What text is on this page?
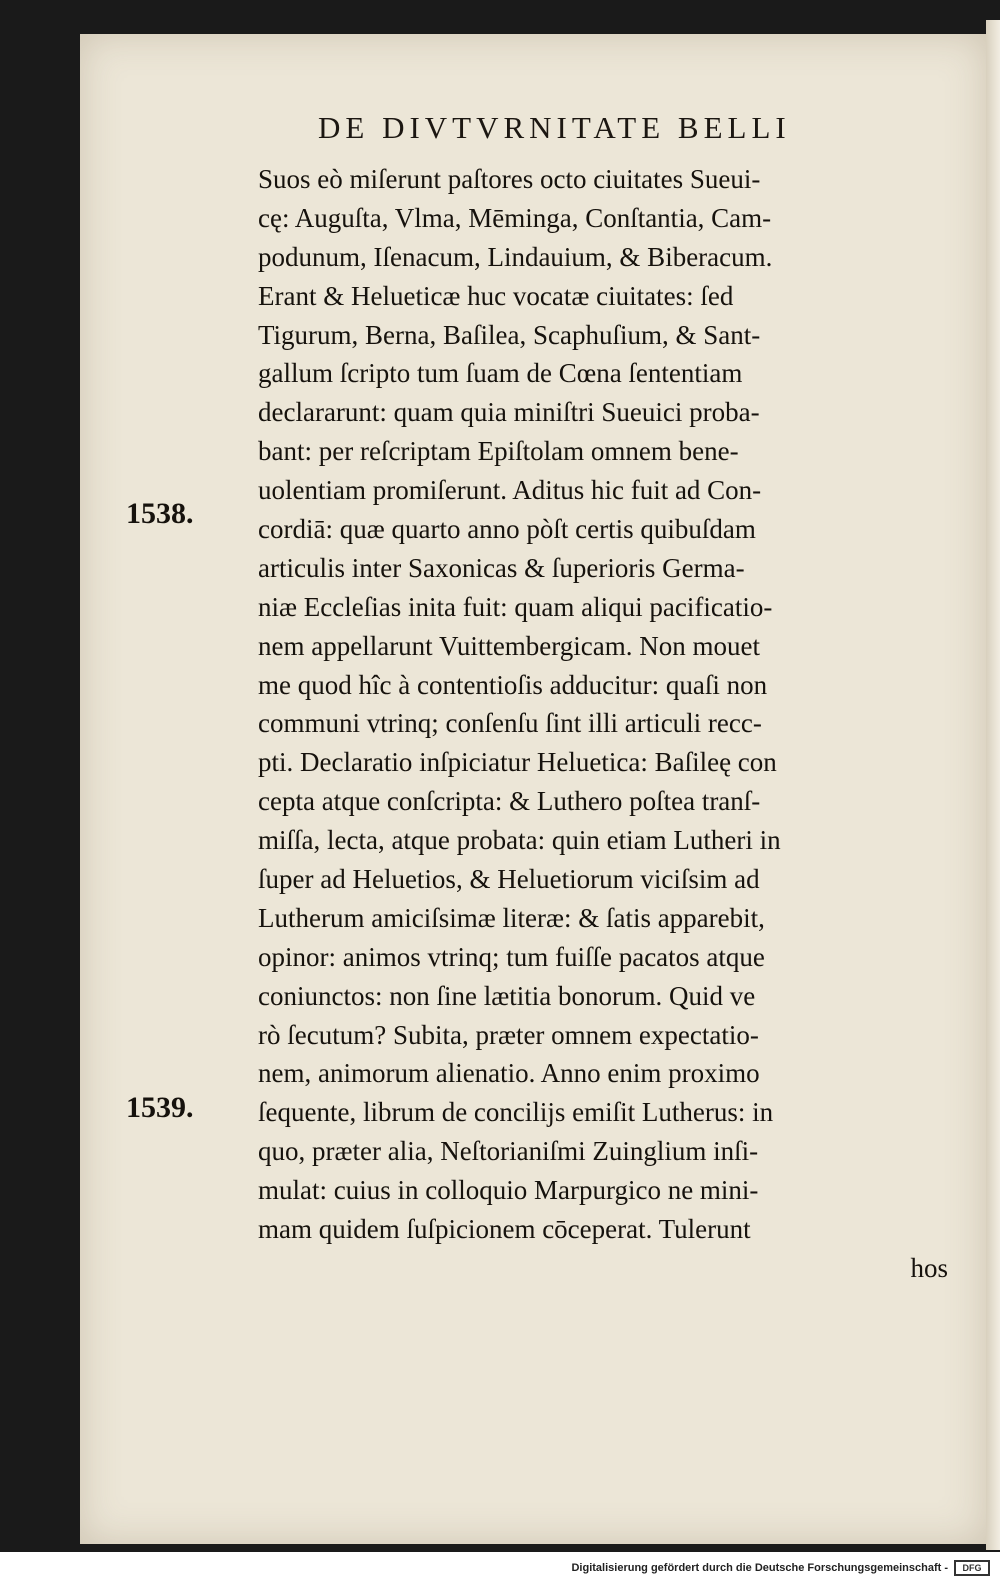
DE DIVTVRNITATE BELLI
Suos eò miſerunt paſtores octo ciuitates Sueui-
cę: Auguſta, Vlma, Mēminga, Conſtantia, Cam-
podunum, Iſenacum, Lindauium, & Biberacum.
Erant & Helueticæ huc vocatæ ciuitates: ſed
Tigurum, Berna, Baſilea, Scaphuſium, & Sant-
gallum ſcripto tum ſuam de Cœna ſententiam
declararunt: quam quia miniſtri Sueuici proba-
bant: per reſcriptam Epiſtolam omnem bene-
uolentiam promiſerunt. Aditus hic fuit ad Con-
cordiā: quæ quarto anno pòſt certis quibuſdam
articulis inter Saxonicas & ſuperioris Germa-
niæ Eccleſias inita fuit: quam aliqui pacificatio-
nem appellarunt Vuittembergicam. Non mouet
me quod hîc à contentioſis adducitur: quaſi non
communi vtrinq; conſenſu ſint illi articuli recc-
pti. Declaratio inſpiciatur Heluetica: Baſileę con
cepta atque conſcripta: & Luthero poſtea tranſ-
miſſa, lecta, atque probata: quin etiam Lutheri in
ſuper ad Heluetios, & Heluetiorum viciſsim ad
Lutherum amiciſsimæ literæ: & ſatis apparebit,
opinor: animos vtrinq; tum fuiſſe pacatos atque
coniunctos: non ſine lætitia bonorum. Quid ve
rò ſecutum? Subita, præter omnem expectatio-
nem, animorum alienatio. Anno enim proximo
ſequente, librum de concilijs emiſit Lutherus: in
quo, præter alia, Neſtorianiſmi Zuinglium inſi-
mulat: cuius in colloquio Marpurgico ne mini-
mam quidem ſuſpicionem cōceperat. Tulerunt
hos
1538.
1539.
Digitalisierung gefördert durch die Deutsche Forschungsgemeinschaft -	DFG
